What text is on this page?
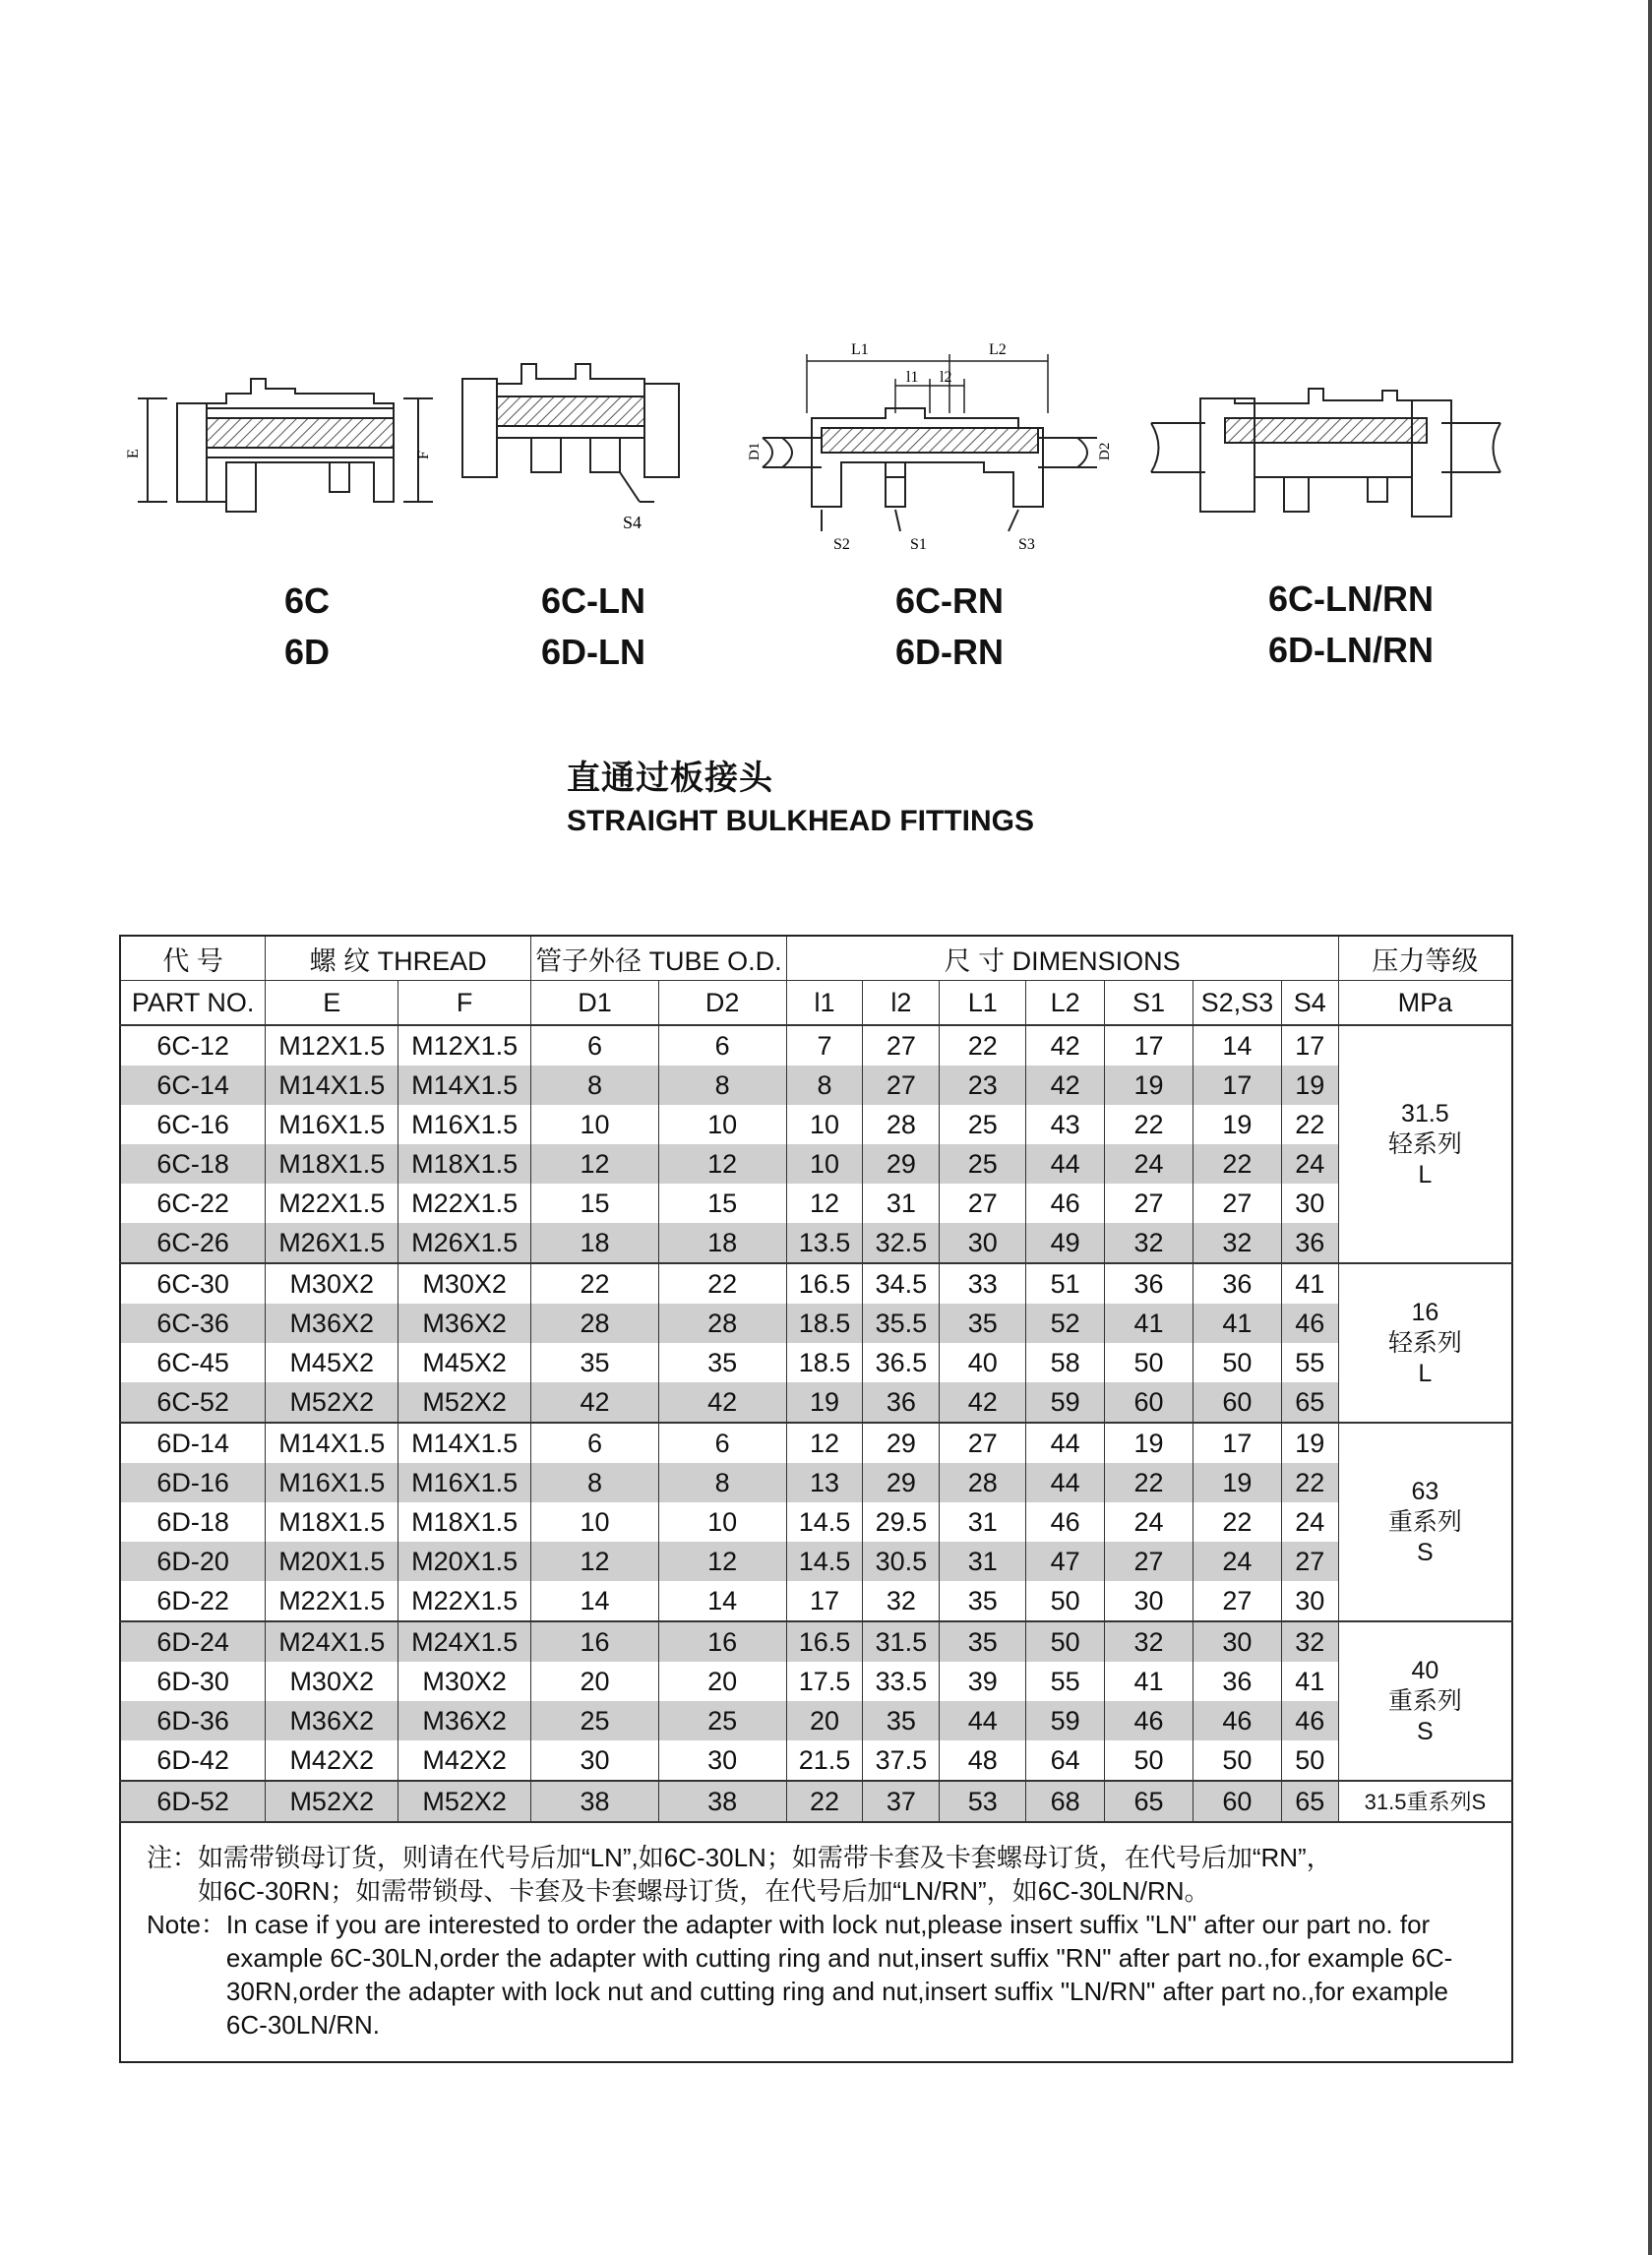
E	F
S4
L1	L2
l1 l2
D1	D2
S2	S1	S3
6C
6D
6C-LN
6D-LN
6C-RN
6D-RN
6C-LN/RN
6D-LN/RN
直通过板接头
STRAIGHT BULKHEAD FITTINGS
代 号	螺 纹 THREAD		管子外径 TUBE O.D.		尺 寸 DIMENSIONS							压力等级
PART NO.	E	F	D1	D2	l1	l2	L1	L2	S1	S2,S3	S4	MPa
6C-12	M12X1.5	M12X1.5	6	6	7	27	22	42	17	14	17	31.5
轻系列
L

6C-14	M14X1.5	M14X1.5	8	8	8	27	23	42	19	17	19	
6C-16	M16X1.5	M16X1.5	10	10	10	28	25	43	22	19	22	
6C-18	M18X1.5	M18X1.5	12	12	10	29	25	44	24	22	24	
6C-22	M22X1.5	M22X1.5	15	15	12	31	27	46	27	27	30	
6C-26	M26X1.5	M26X1.5	18	18	13.5	32.5	30	49	32	32	36	
6C-30	M30X2	M30X2	22	22	16.5	34.5	33	51	36	36	41	16
轻系列
L

6C-36	M36X2	M36X2	28	28	18.5	35.5	35	52	41	41	46	
6C-45	M45X2	M45X2	35	35	18.5	36.5	40	58	50	50	55	
6C-52	M52X2	M52X2	42	42	19	36	42	59	60	60	65	
6D-14	M14X1.5	M14X1.5	6	6	12	29	27	44	19	17	19	63
重系列
S

6D-16	M16X1.5	M16X1.5	8	8	13	29	28	44	22	19	22	
6D-18	M18X1.5	M18X1.5	10	10	14.5	29.5	31	46	24	22	24	
6D-20	M20X1.5	M20X1.5	12	12	14.5	30.5	31	47	27	24	27	
6D-22	M22X1.5	M22X1.5	14	14	17	32	35	50	30	27	30	
6D-24	M24X1.5	M24X1.5	16	16	16.5	31.5	35	50	32	30	32	40
重系列
S

6D-30	M30X2	M30X2	20	20	17.5	33.5	39	55	41	36	41	
6D-36	M36X2	M36X2	25	25	20	35	44	59	46	46	46	
6D-42	M42X2	M42X2	30	30	21.5	37.5	48	64	50	50	50	
6D-52	M52X2	M52X2	38	38	22	37	53	68	65	60	65	31.5重系列S

注：如需带锁母订货，则请在代号后加“LN”,如6C-30LN；如需带卡套及卡套螺母订货，在代号后加“RN”，
如6C-30RN；如需带锁母、卡套及卡套螺母订货，在代号后加“LN/RN”，如6C-30LN/RN。
Note： In case if you are interested to order the adapter with lock nut,please insert suffix "LN" after our part no. for example 6C-30LN,order the adapter with cutting ring and nut,insert suffix "RN" after part no.,for example 6C-30RN,order the adapter with lock nut and cutting ring and nut,insert suffix "LN/RN" after part no.,for example 6C-30LN/RN.												
